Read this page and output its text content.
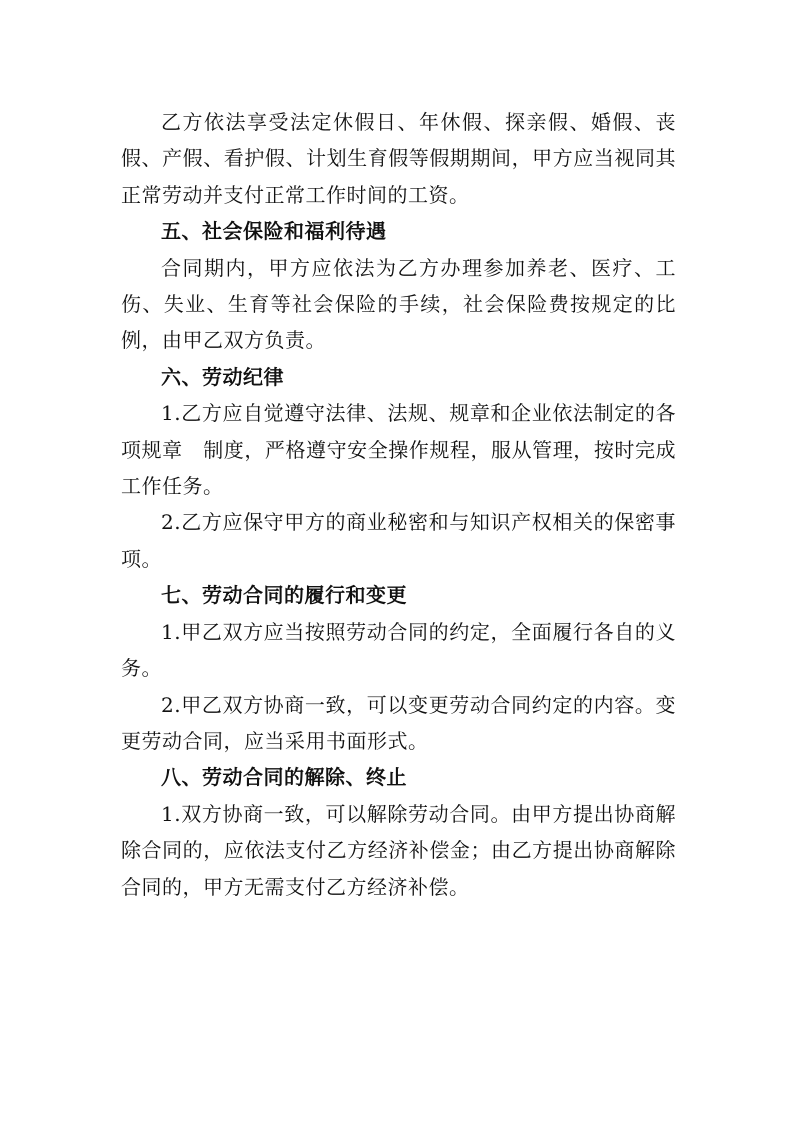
乙方依法享受法定休假日、年休假、探亲假、婚假、丧假、产假、看护假、计划生育假等假期期间，甲方应当视同其正常劳动并支付正常工作时间的工资。

五、社会保险和福利待遇

合同期内，甲方应依法为乙方办理参加养老、医疗、工伤、失业、生育等社会保险的手续，社会保险费按规定的比例，由甲乙双方负责。

六、劳动纪律

1.乙方应自觉遵守法律、法规、规章和企业依法制定的各项规章　制度，严格遵守安全操作规程，服从管理，按时完成工作任务。

2.乙方应保守甲方的商业秘密和与知识产权相关的保密事项。

七、劳动合同的履行和变更

1.甲乙双方应当按照劳动合同的约定，全面履行各自的义务。

2.甲乙双方协商一致，可以变更劳动合同约定的内容。变更劳动合同，应当采用书面形式。

八、劳动合同的解除、终止

1.双方协商一致，可以解除劳动合同。由甲方提出协商解除合同的，应依法支付乙方经济补偿金；由乙方提出协商解除合同的，甲方无需支付乙方经济补偿。
